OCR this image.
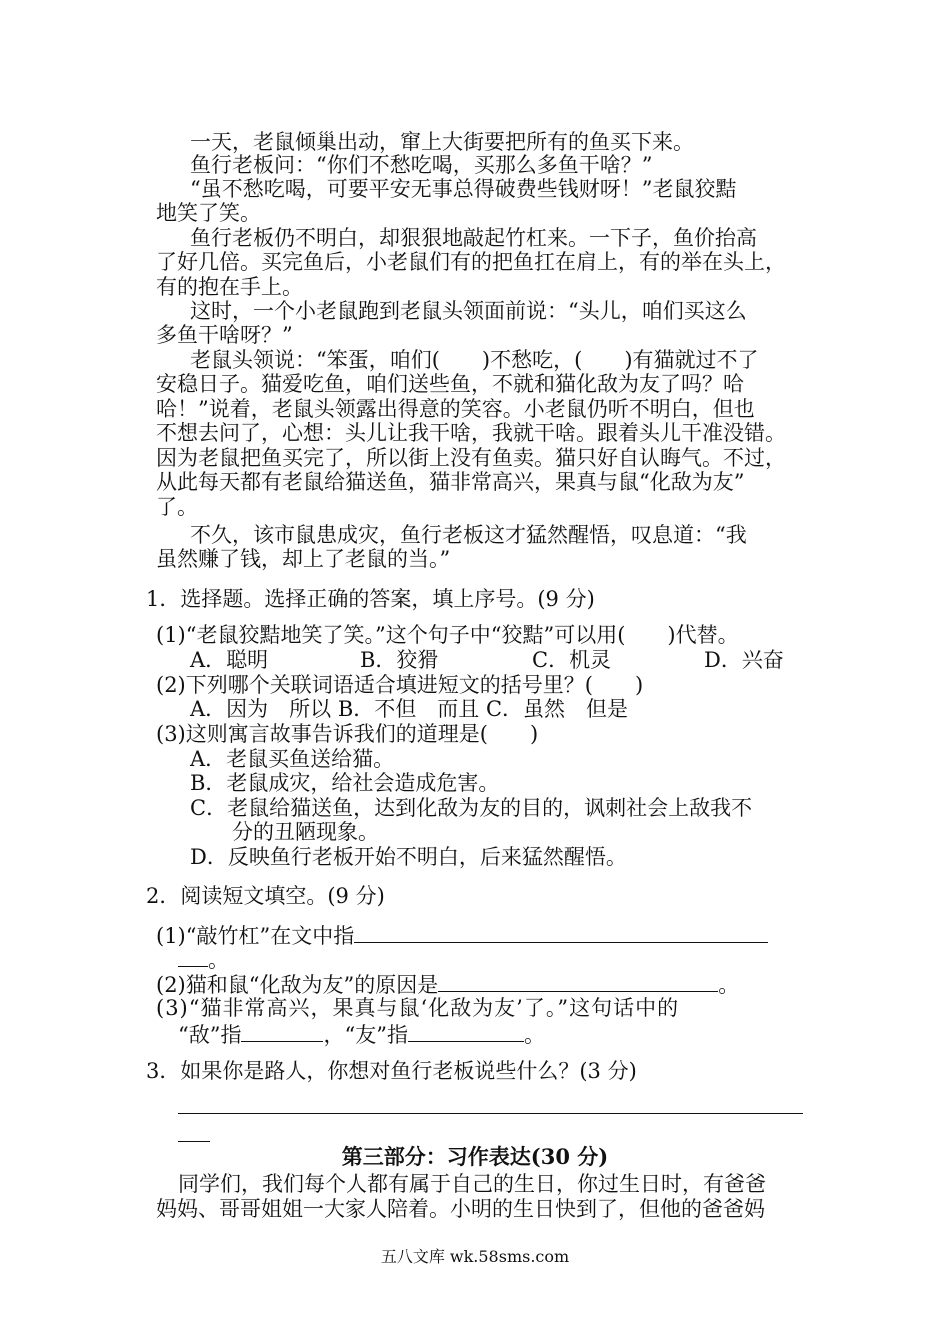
一天，老鼠倾巢出动，窜上大街要把所有的鱼买下来。
鱼行老板问：“你们不愁吃喝，买那么多鱼干啥？”
“虽不愁吃喝，可要平安无事总得破费些钱财呀！”老鼠狡黠
地笑了笑。
鱼行老板仍不明白，却狠狠地敲起竹杠来。一下子，鱼价抬高
了好几倍。买完鱼后，小老鼠们有的把鱼扛在肩上，有的举在头上，
有的抱在手上。
这时，一个小老鼠跑到老鼠头领面前说：“头儿，咱们买这么
多鱼干啥呀？”
老鼠头领说：“笨蛋，咱们(　　)不愁吃，(　　)有猫就过不了
安稳日子。猫爱吃鱼，咱们送些鱼，不就和猫化敌为友了吗？哈
哈！”说着，老鼠头领露出得意的笑容。小老鼠仍听不明白，但也
不想去问了，心想：头儿让我干啥，我就干啥。跟着头儿干准没错。
因为老鼠把鱼买完了，所以街上没有鱼卖。猫只好自认晦气。不过，
从此每天都有老鼠给猫送鱼，猫非常高兴，果真与鼠“化敌为友”
了。
不久，该市鼠患成灾，鱼行老板这才猛然醒悟，叹息道：“我
虽然赚了钱，却上了老鼠的当。”
1．选择题。选择正确的答案，填上序号。(9 分)
(1)“老鼠狡黠地笑了笑。”这个句子中“狡黠”可以用(　　)代替。
A．聪明	B．狡猾	C．机灵	D．兴奋
(2)下列哪个关联词语适合填进短文的括号里？(　　)
A．因为　所以 B．不但　而且 C．虽然　但是
(3)这则寓言故事告诉我们的道理是(　　)
A．老鼠买鱼送给猫。
B．老鼠成灾，给社会造成危害。
C．老鼠给猫送鱼，达到化敌为友的目的，讽刺社会上敌我不
分的丑陋现象。
D．反映鱼行老板开始不明白，后来猛然醒悟。
2．阅读短文填空。(9 分)
(1)“敲竹杠”在文中指
。
(2)猫和鼠“化敌为友”的原因是	。
(3)“猫非常高兴，果真与鼠‘化敌为友’了。”这句话中的
“敌”指	，“友”指	。
3．如果你是路人，你想对鱼行老板说些什么？(3 分)
第三部分：习作表达(30 分)
同学们，我们每个人都有属于自己的生日，你过生日时，有爸爸
妈妈、哥哥姐姐一大家人陪着。小明的生日快到了，但他的爸爸妈
五八文库 wk.58sms.com
